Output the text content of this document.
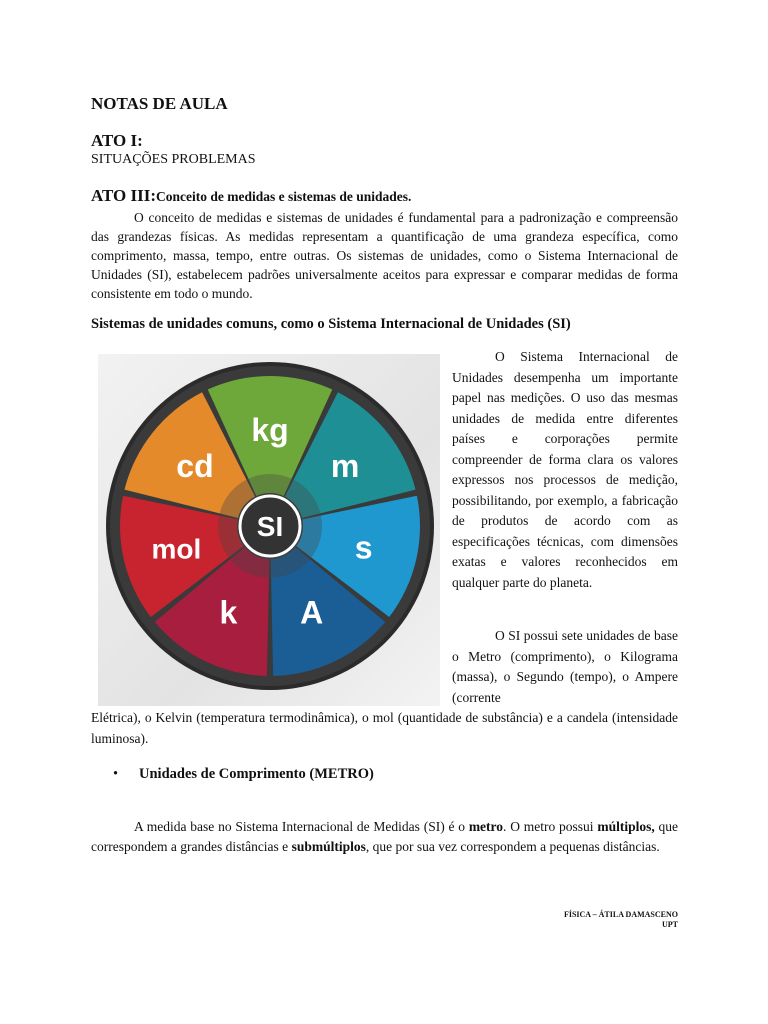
NOTAS DE AULA
ATO I:
SITUAÇÕES PROBLEMAS
ATO III:Conceito de medidas e sistemas de unidades.
O conceito de medidas e sistemas de unidades é fundamental para a padronização e compreensão das grandezas físicas. As medidas representam a quantificação de uma grandeza específica, como comprimento, massa, tempo, entre outras. Os sistemas de unidades, como o Sistema Internacional de Unidades (SI), estabelecem padrões universalmente aceitos para expressar e comparar medidas de forma consistente em todo o mundo.
Sistemas de unidades comuns, como o Sistema Internacional de Unidades (SI)
kg
m
s
A
k
mol
cd
SI
O Sistema Internacional de Unidades desempenha um importante papel nas medições. O uso das mesmas unidades de medida entre diferentes países e corporações permite compreender de forma clara os valores expressos nos processos de medição, possibilitando, por exemplo, a fabricação de produtos de acordo com as especificações técnicas, com dimensões exatas e valores reconhecidos em qualquer parte do planeta.
O SI possui sete unidades de base o Metro (comprimento), o Kilograma (massa), o Segundo (tempo), o Ampere (corrente
Elétrica), o Kelvin (temperatura termodinâmica), o mol (quantidade de substância) e a candela (intensidade luminosa).
• Unidades de Comprimento (METRO)
A medida base no Sistema Internacional de Medidas (SI) é o metro. O metro possui múltiplos, que correspondem a grandes distâncias e submúltiplos, que por sua vez correspondem a pequenas distâncias.
FÍSICA – ÁTILA DAMASCENO
UPT
